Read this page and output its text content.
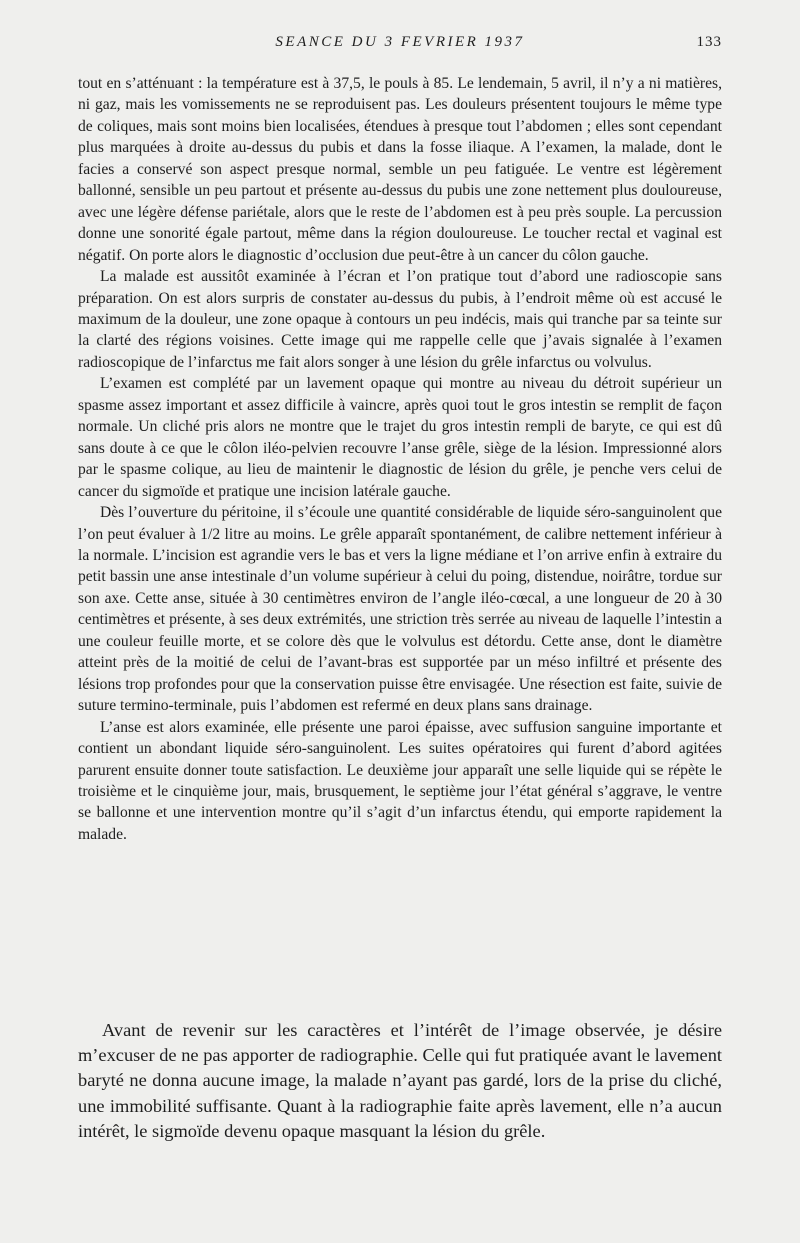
SEANCE DU 3 FEVRIER 1937	133

tout en s’atténuant : la température est à 37,5, le pouls à 85. Le lendemain, 5 avril, il n’y a ni matières, ni gaz, mais les vomissements ne se reproduisent pas. Les douleurs présentent toujours le même type de coliques, mais sont moins bien localisées, étendues à presque tout l’abdomen ; elles sont cependant plus marquées à droite au-dessus du pubis et dans la fosse iliaque. A l’examen, la malade, dont le facies a conservé son aspect presque normal, semble un peu fatiguée. Le ventre est légèrement ballonné, sensible un peu partout et présente au-dessus du pubis une zone nettement plus douloureuse, avec une légère défense pariétale, alors que le reste de l’abdomen est à peu près souple. La percussion donne une sonorité égale partout, même dans la région douloureuse. Le toucher rectal et vaginal est négatif. On porte alors le diagnostic d’occlusion due peut-être à un cancer du côlon gauche.

La malade est aussitôt examinée à l’écran et l’on pratique tout d’abord une radioscopie sans préparation. On est alors surpris de constater au-dessus du pubis, à l’endroit même où est accusé le maximum de la douleur, une zone opaque à contours un peu indécis, mais qui tranche par sa teinte sur la clarté des régions voisines. Cette image qui me rappelle celle que j’avais signalée à l’examen radioscopique de l’infarctus me fait alors songer à une lésion du grêle infarctus ou volvulus.

L’examen est complété par un lavement opaque qui montre au niveau du détroit supérieur un spasme assez important et assez difficile à vaincre, après quoi tout le gros intestin se remplit de façon normale. Un cliché pris alors ne montre que le trajet du gros intestin rempli de baryte, ce qui est dû sans doute à ce que le côlon iléo-pelvien recouvre l’anse grêle, siège de la lésion. Impressionné alors par le spasme colique, au lieu de maintenir le diagnostic de lésion du grêle, je penche vers celui de cancer du sigmoïde et pratique une incision latérale gauche.

Dès l’ouverture du péritoine, il s’écoule une quantité considérable de liquide séro-sanguinolent que l’on peut évaluer à 1/2 litre au moins. Le grêle apparaît spontanément, de calibre nettement inférieur à la normale. L’incision est agrandie vers le bas et vers la ligne médiane et l’on arrive enfin à extraire du petit bassin une anse intestinale d’un volume supérieur à celui du poing, distendue, noirâtre, tordue sur son axe. Cette anse, située à 30 centimètres environ de l’angle iléo-cœcal, a une longueur de 20 à 30 centimètres et présente, à ses deux extrémités, une striction très serrée au niveau de laquelle l’intestin a une couleur feuille morte, et se colore dès que le volvulus est détordu. Cette anse, dont le diamètre atteint près de la moitié de celui de l’avant-bras est supportée par un méso infiltré et présente des lésions trop profondes pour que la conservation puisse être envisagée. Une résection est faite, suivie de suture termino-terminale, puis l’abdomen est refermé en deux plans sans drainage.

L’anse est alors examinée, elle présente une paroi épaisse, avec suffusion sanguine importante et contient un abondant liquide séro-sanguinolent. Les suites opératoires qui furent d’abord agitées parurent ensuite donner toute satisfaction. Le deuxième jour apparaît une selle liquide qui se répète le troisième et le cinquième jour, mais, brusquement, le septième jour l’état général s’aggrave, le ventre se ballonne et une intervention montre qu’il s’agit d’un infarctus étendu, qui emporte rapidement la malade.

Avant de revenir sur les caractères et l’intérêt de l’image observée, je désire m’excuser de ne pas apporter de radiographie. Celle qui fut pratiquée avant le lavement baryté ne donna aucune image, la malade n’ayant pas gardé, lors de la prise du cliché, une immobilité suffisante. Quant à la radiographie faite après lavement, elle n’a aucun intérêt, le sigmoïde devenu opaque masquant la lésion du grêle.
